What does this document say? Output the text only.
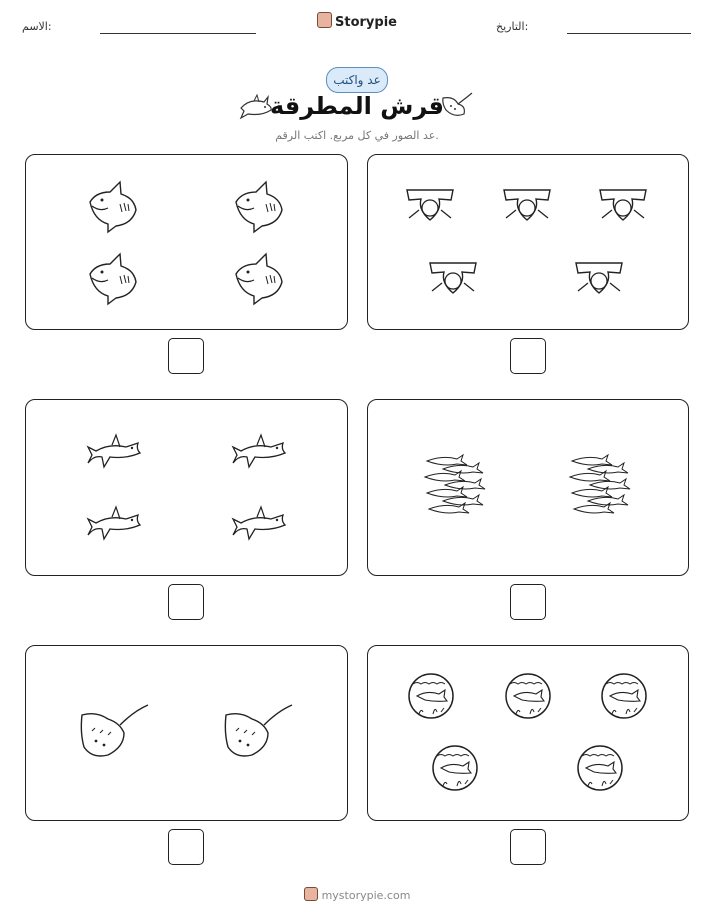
الاسم:	Storypie	التاريخ:
عد واكتب
قرش المطرقة
عد الصور في كل مربع. اكتب الرقم.
mystorypie.com
